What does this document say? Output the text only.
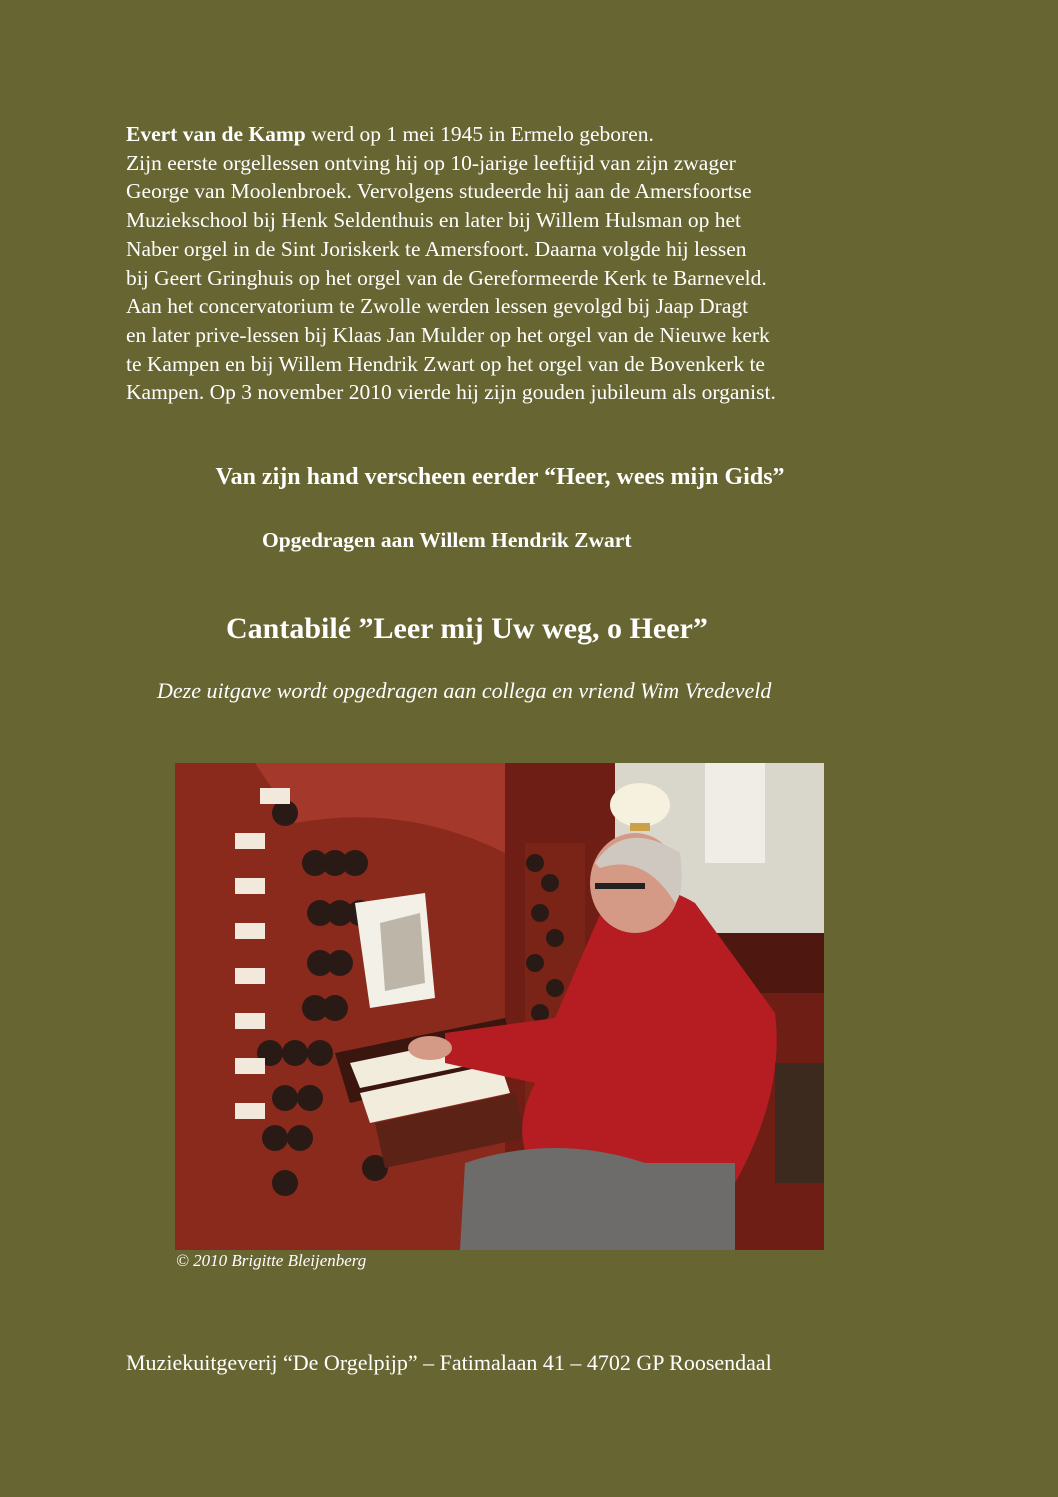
Evert van de Kamp werd op 1 mei 1945 in Ermelo geboren.
Zijn eerste orgellessen ontving hij op 10-jarige leeftijd van zijn zwager
George van Moolenbroek. Vervolgens studeerde hij aan de Amersfoortse
Muziekschool bij Henk Seldenthuis en later bij Willem Hulsman op het
Naber orgel in de Sint Joriskerk te Amersfoort. Daarna volgde hij lessen
bij Geert Gringhuis op het orgel van de Gereformeerde Kerk te Barneveld.
Aan het concervatorium te Zwolle werden lessen gevolgd bij Jaap Dragt
en later prive-lessen bij Klaas Jan Mulder op het orgel van de Nieuwe kerk
te Kampen en bij Willem Hendrik Zwart op het orgel van de Bovenkerk te
Kampen. Op 3 november 2010 vierde hij zijn gouden jubileum als organist.
Van zijn hand verscheen eerder “Heer, wees mijn Gids”
Opgedragen aan Willem Hendrik Zwart
Cantabilé ”Leer mij Uw weg, o Heer”
Deze uitgave wordt opgedragen aan collega en vriend Wim Vredeveld
© 2010 Brigitte Bleijenberg
Muziekuitgeverij “De Orgelpijp” – Fatimalaan 41 – 4702 GP Roosendaal
